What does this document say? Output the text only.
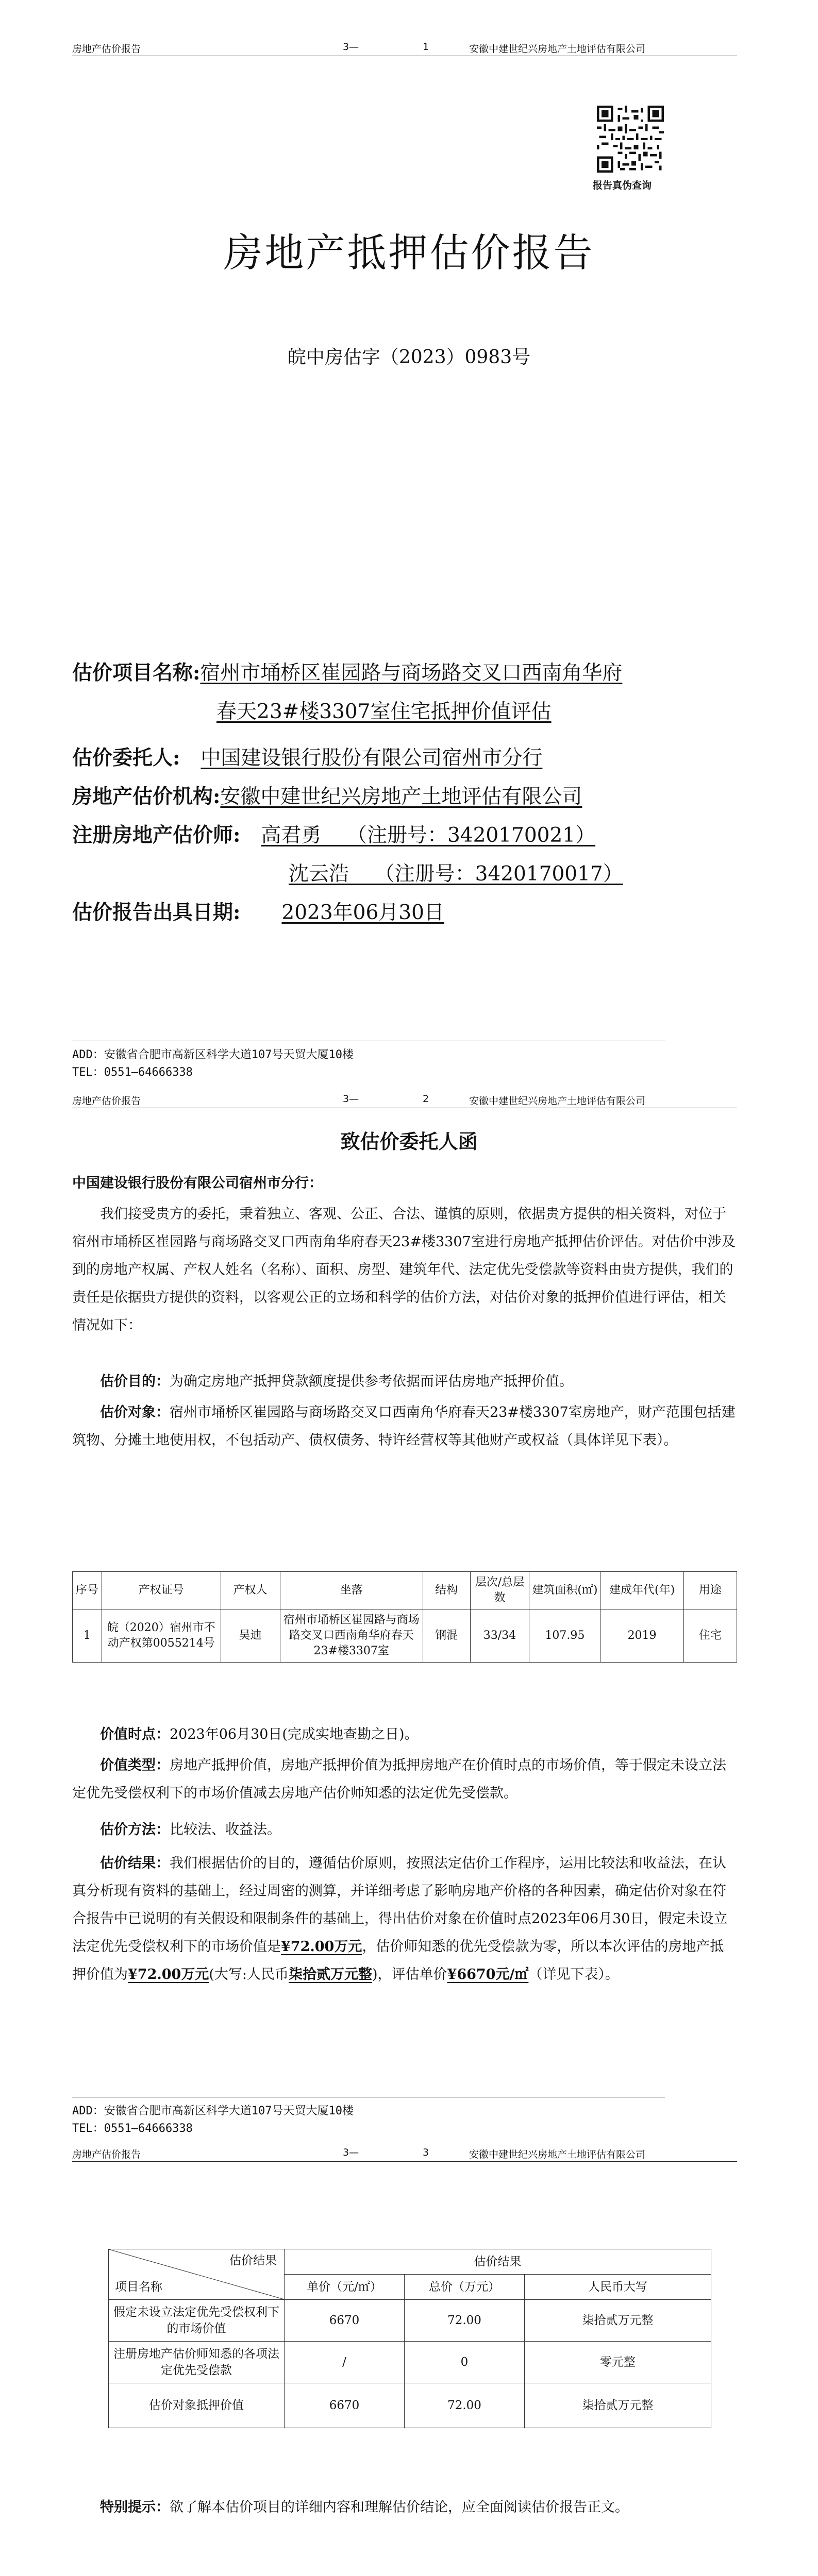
房地产估价报告	3—	1	安徽中建世纪兴房地产土地评估有限公司
报告真伪查询
房地产抵押估价报告
皖中房估字（2023）0983号
估价项目名称:宿州市埇桥区崔园路与商场路交叉口西南角华府
春天23#楼3307室住宅抵押价值评估
估价委托人: 中国建设银行股份有限公司宿州市分行
房地产估价机构:安徽中建世纪兴房地产土地评估有限公司
注册房地产估价师: 高君勇    （注册号：3420170021）
沈云浩    （注册号：3420170017）
估价报告出具日期: 2023年06月30日
ADD：安徽省合肥市高新区科学大道107号天贸大厦10楼
TEL：0551—64666338
房地产估价报告	3—	2	安徽中建世纪兴房地产土地评估有限公司
致估价委托人函
中国建设银行股份有限公司宿州市分行：
我们接受贵方的委托，秉着独立、客观、公正、合法、谨慎的原则，依据贵方提供的相关资料，对位于宿州市埇桥区崔园路与商场路交叉口西南角华府春天23#楼3307室进行房地产抵押估价评估。对估价中涉及到的房地产权属、产权人姓名（名称）、面积、房型、建筑年代、法定优先受偿款等资料由贵方提供，我们的责任是依据贵方提供的资料，以客观公正的立场和科学的估价方法，对估价对象的抵押价值进行评估，相关情况如下：
估价目的：为确定房地产抵押贷款额度提供参考依据而评估房地产抵押价值。
估价对象：宿州市埇桥区崔园路与商场路交叉口西南角华府春天23#楼3307室房地产，财产范围包括建筑物、分摊土地使用权，不包括动产、债权债务、特许经营权等其他财产或权益（具体详见下表）。
序号	产权证号	产权人	坐落	结构	层次/总层数	建筑面积(㎡)	建成年代(年)	用途
1	皖（2020）宿州市不动产权第0055214号	吴迪	宿州市埇桥区崔园路与商场路交叉口西南角华府春天23#楼3307室	钢混	33/34	107.95	2019	住宅
价值时点：2023年06月30日(完成实地查勘之日)。
价值类型：房地产抵押价值，房地产抵押价值为抵押房地产在价值时点的市场价值，等于假定未设立法定优先受偿权利下的市场价值减去房地产估价师知悉的法定优先受偿款。
估价方法：比较法、收益法。
估价结果：我们根据估价的目的，遵循估价原则，按照法定估价工作程序，运用比较法和收益法，在认真分析现有资料的基础上，经过周密的测算，并详细考虑了影响房地产价格的各种因素，确定估价对象在符合报告中已说明的有关假设和限制条件的基础上，得出估价对象在价值时点2023年06月30日，假定未设立法定优先受偿权利下的市场价值是¥72.00万元，估价师知悉的优先受偿款为零，所以本次评估的房地产抵押价值为¥72.00万元(大写:人民币柒拾贰万元整)，评估单价¥6670元/㎡（详见下表）。
ADD：安徽省合肥市高新区科学大道107号天贸大厦10楼
TEL：0551—64666338
房地产估价报告	3—	3	安徽中建世纪兴房地产土地评估有限公司
估价结果
项目名称	估价结果		
	单价（元/㎡）	总价（万元）	人民币大写
假定未设立法定优先受偿权利下的市场价值	6670	72.00	柒拾贰万元整
注册房地产估价师知悉的各项法定优先受偿款	/	0	零元整
估价对象抵押价值	6670	72.00	柒拾贰万元整
特别提示：欲了解本估价项目的详细内容和理解估价结论，应全面阅读估价报告正文。
